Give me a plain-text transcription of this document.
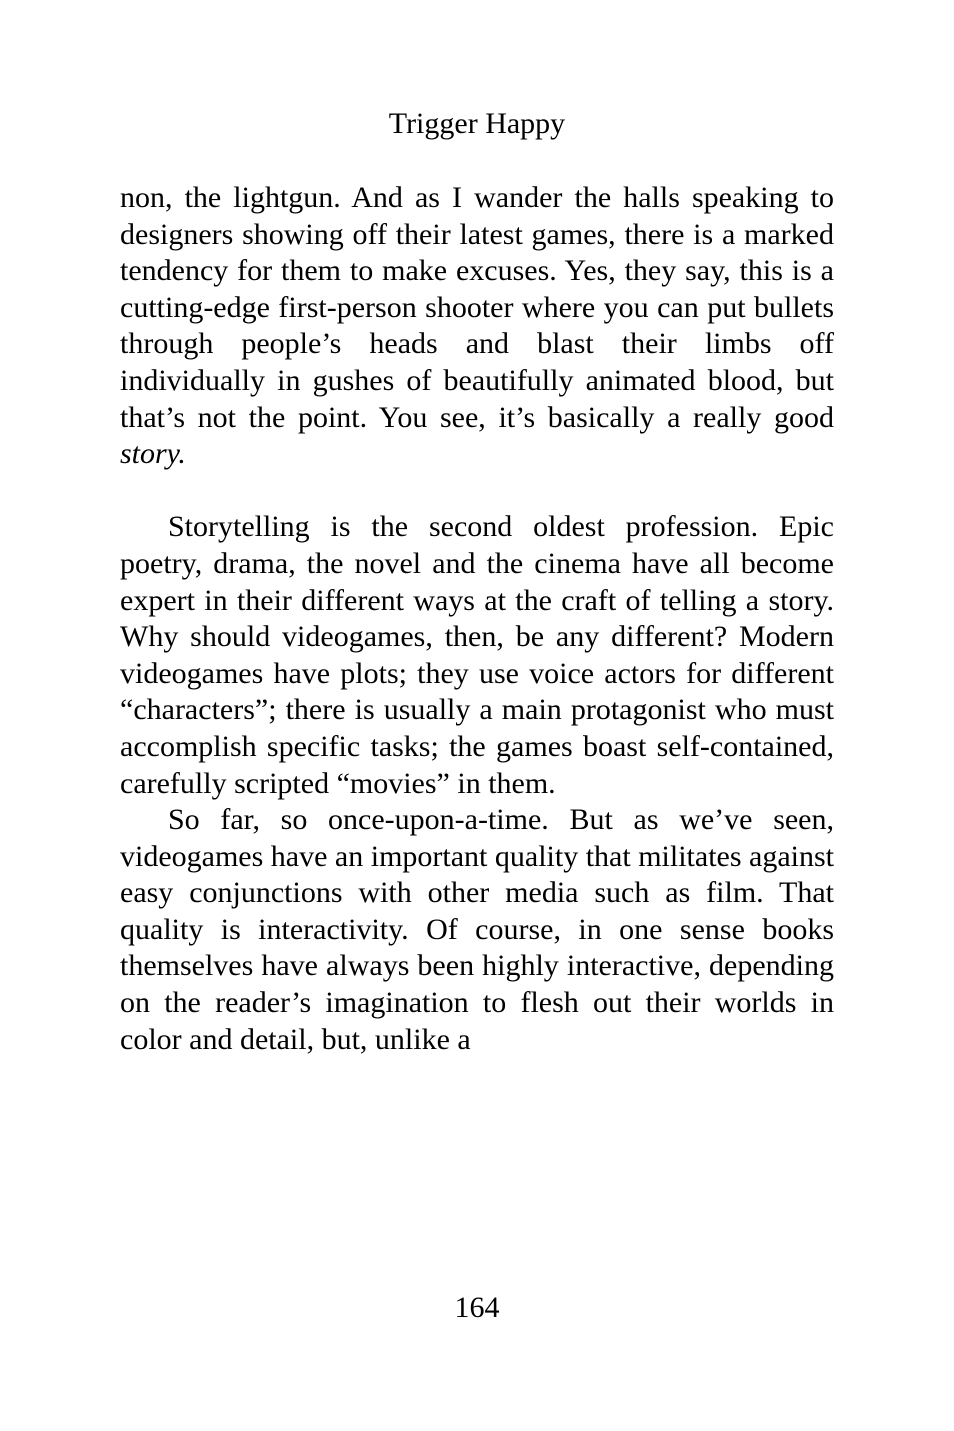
Trigger Happy

non, the lightgun. And as I wander the halls speaking to designers showing off their latest games, there is a marked tendency for them to make excuses. Yes, they say, this is a cutting-edge first-person shooter where you can put bullets through people’s heads and blast their limbs off individually in gushes of beautifully animated blood, but that’s not the point. You see, it’s basically a really good story.

Storytelling is the second oldest profession. Epic poetry, drama, the novel and the cinema have all become expert in their different ways at the craft of telling a story. Why should videogames, then, be any different? Modern videogames have plots; they use voice actors for different “characters”; there is usually a main protagonist who must accomplish specific tasks; the games boast self-contained, carefully scripted “movies” in them.

So far, so once-upon-a-time. But as we’ve seen, videogames have an important quality that militates against easy conjunctions with other media such as film. That quality is interactivity. Of course, in one sense books themselves have always been highly interactive, depending on the reader’s imagination to flesh out their worlds in color and detail, but, unlike a

164
